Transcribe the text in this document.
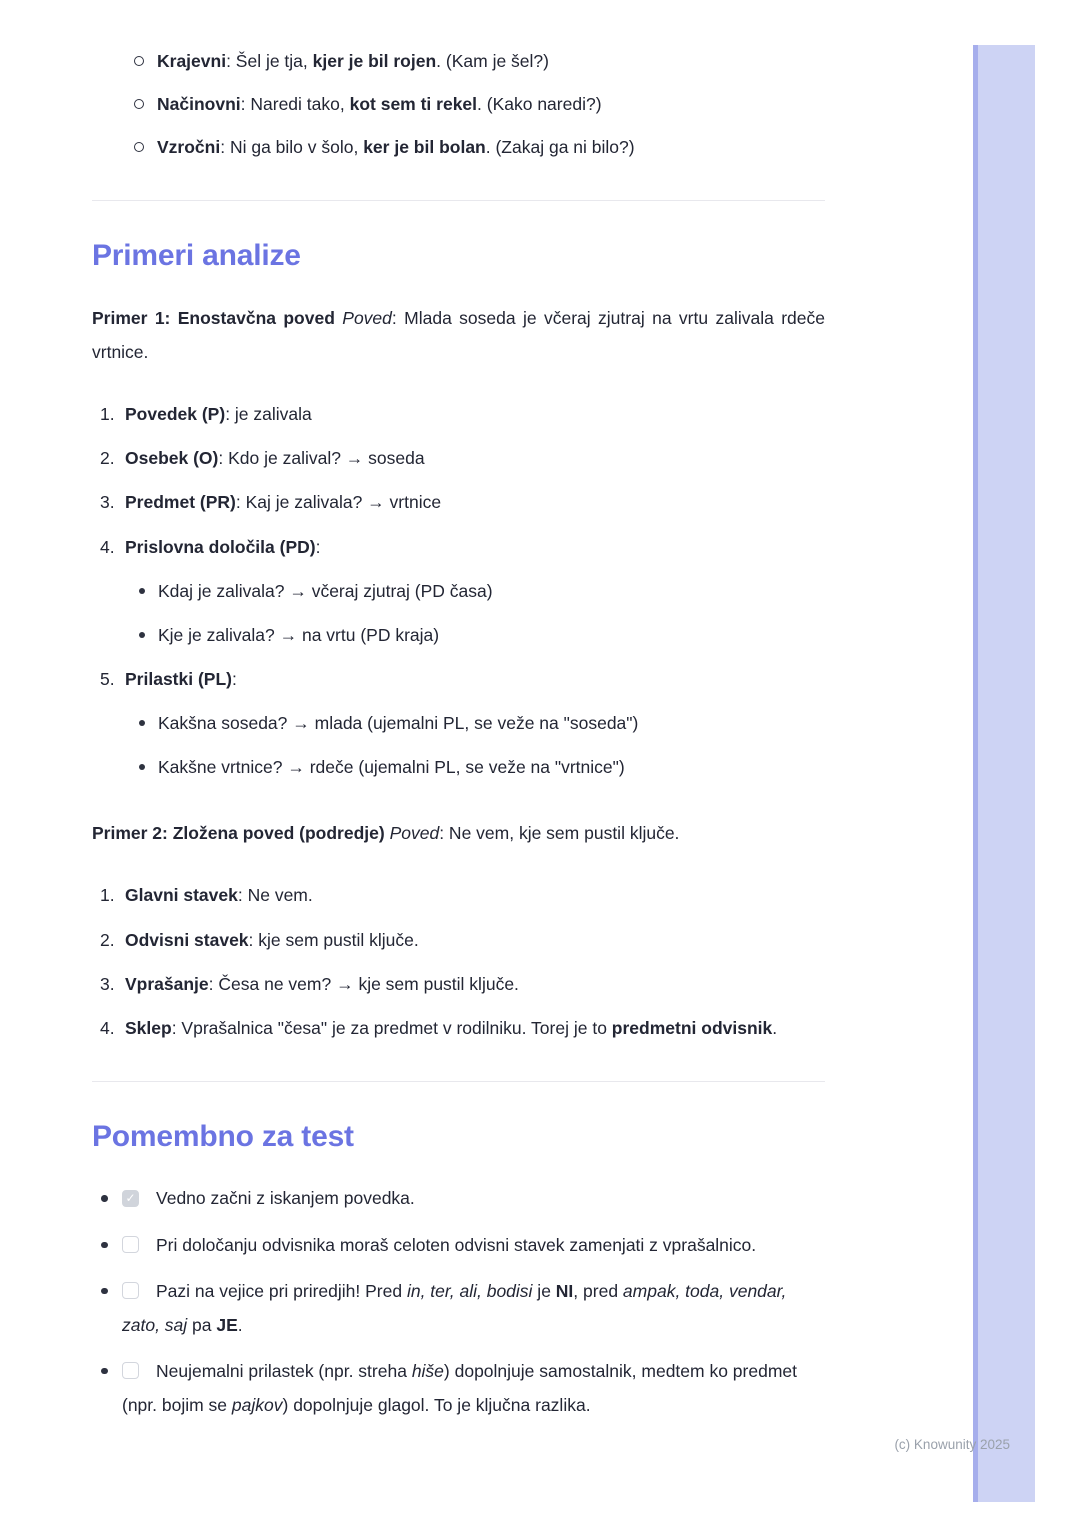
Krajevni: Šel je tja, kjer je bil rojen. (Kam je šel?)
Načinovni: Naredi tako, kot sem ti rekel. (Kako naredi?)
Vzročni: Ni ga bilo v šolo, ker je bil bolan. (Zakaj ga ni bilo?)
Primeri analize

Primer 1: Enostavčna poved Poved: Mlada soseda je včeraj zjutraj na vrtu zalivala rdeče vrtnice.

Povedek (P): je zalivala
Osebek (O): Kdo je zalival? → soseda
Predmet (PR): Kaj je zalivala? → vrtnice
Prislovna določila (PD):
Kdaj je zalivala? → včeraj zjutraj (PD časa)
Kje je zalivala? → na vrtu (PD kraja)
Prilastki (PL):
Kakšna soseda? → mlada (ujemalni PL, se veže na "soseda")
Kakšne vrtnice? → rdeče (ujemalni PL, se veže na "vrtnice")

Primer 2: Zložena poved (podredje) Poved: Ne vem, kje sem pustil ključe.

Glavni stavek: Ne vem.
Odvisni stavek: kje sem pustil ključe.
Vprašanje: Česa ne vem? → kje sem pustil ključe.
Sklep: Vprašalnica "česa" je za predmet v rodilniku. Torej je to predmetni odvisnik.
Pomembno za test
✓Vedno začni z iskanjem povedka.
Pri določanju odvisnika moraš celoten odvisni stavek zamenjati z vprašalnico.
Pazi na vejice pri priredjih! Pred in, ter, ali, bodisi je NI, pred ampak, toda, vendar, zato, saj pa JE.
Neujemalni prilastek (npr. streha hiše) dopolnjuje samostalnik, medtem ko predmet (npr. bojim se pajkov) dopolnjuje glagol. To je ključna razlika.
(c) Knowunity 2025
